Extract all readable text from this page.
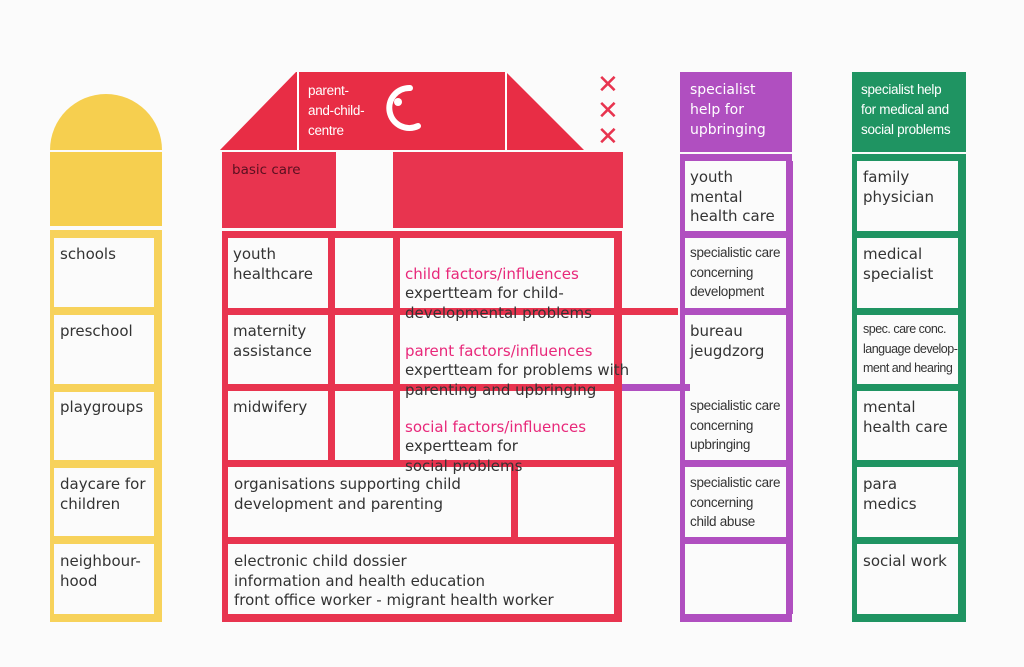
schools
preschool
playgroups
daycare for
children
neighbour-
hood
parent-
and-child-
centre
✕
✕
✕
basic care
youth
healthcare
maternity
assistance
midwifery

child factors/influences

expertteam for child-
developmental problems

parent factors/influences

expertteam for problems with
parenting and upbringing

social factors/influences

expertteam for
social problems

organisations supporting child
development and parenting
electronic child dossier
information and health education
front office worker - migrant health worker
specialist
help for
upbringing
youth
mental
health care
specialistic care
concerning
development
bureau
jeugdzorg
specialistic care
concerning
upbringing
specialistic care
concerning
child abuse
specialist help
for medical and
social problems
family
physician
medical
specialist
spec. care conc.
language develop-
ment and hearing
mental
health care
para
medics
social work
